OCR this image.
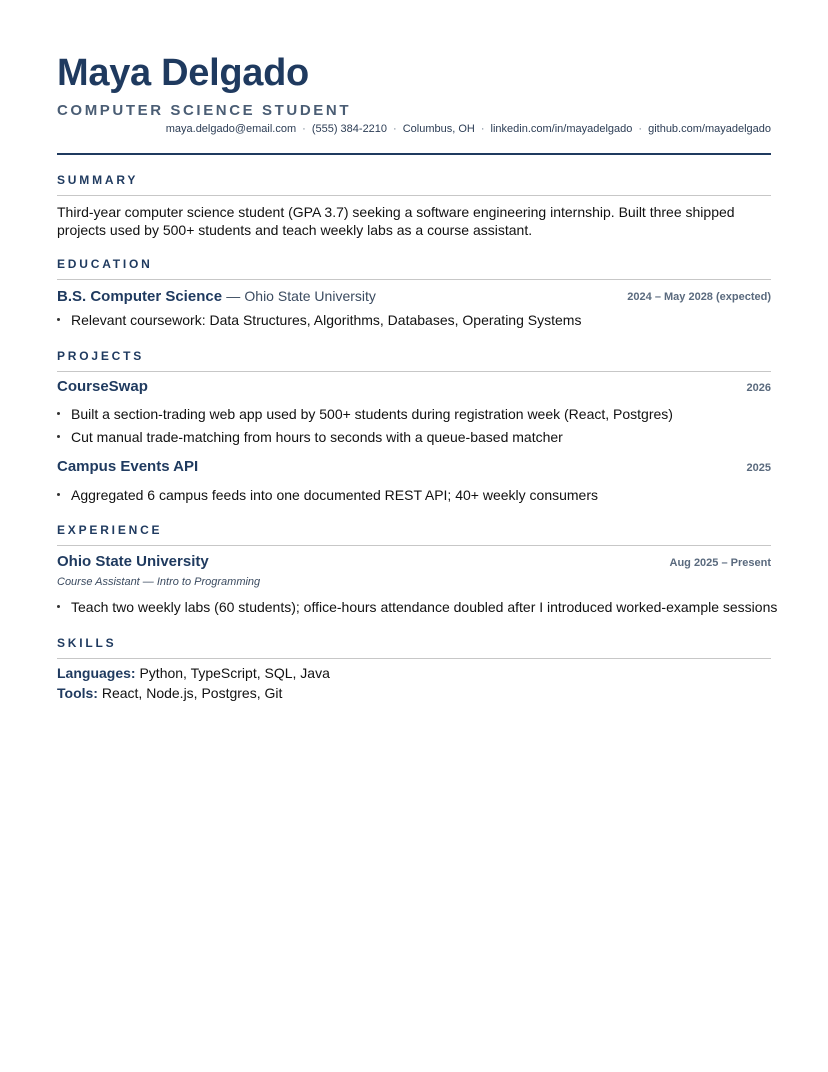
Maya Delgado
COMPUTER SCIENCE STUDENT
maya.delgado@email.com · (555) 384-2210 · Columbus, OH · linkedin.com/in/mayadelgado · github.com/mayadelgado
SUMMARY

Third-year computer science student (GPA 3.7) seeking a software engineering internship. Built three shipped projects used by 500+ students and teach weekly labs as a course assistant.

EDUCATION
B.S. Computer Science — Ohio State University	2024 – May 2028 (expected)
Relevant coursework: Data Structures, Algorithms, Databases, Operating Systems
PROJECTS
CourseSwap	2026
Built a section-trading web app used by 500+ students during registration week (React, Postgres)
Cut manual trade-matching from hours to seconds with a queue-based matcher
Campus Events API	2025
Aggregated 6 campus feeds into one documented REST API; 40+ weekly consumers
EXPERIENCE
Ohio State University	Aug 2025 – Present
Course Assistant — Intro to Programming
Teach two weekly labs (60 students); office-hours attendance doubled after I introduced worked-example sessions
SKILLS
Languages: Python, TypeScript, SQL, Java
Tools: React, Node.js, Postgres, Git
